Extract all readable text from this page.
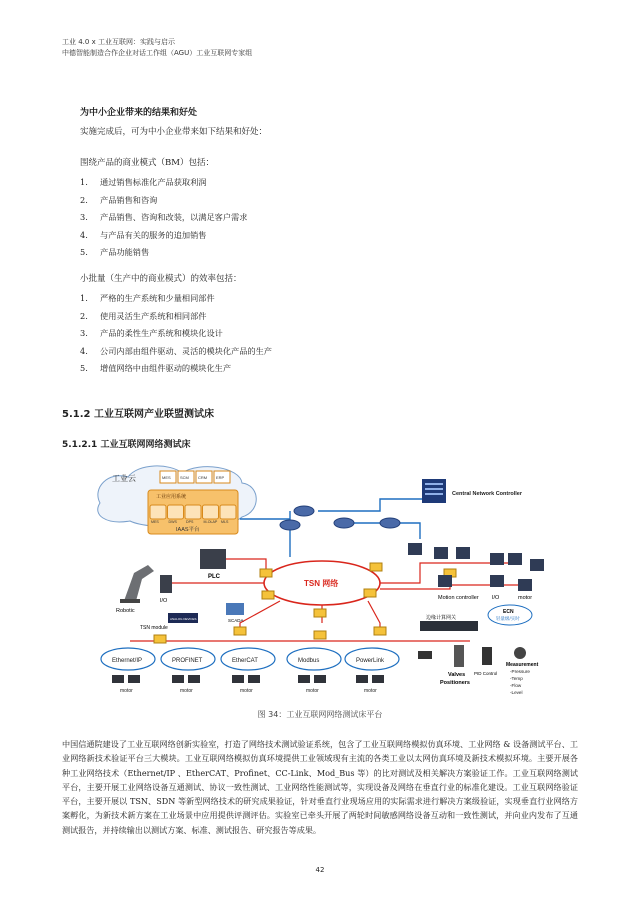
工业 4.0 x 工业互联网：实践与启示
中德智能制造合作企业对话工作组（AGU）工业互联网专家组
为中小企业带来的结果和好处
实施完成后，可为中小企业带来如下结果和好处：
围绕产品的商业模式（BM）包括：
1.	通过销售标准化产品获取利润
2.	产品销售和咨询
3.	产品销售、咨询和改装，以满足客户需求
4.	与产品有关的服务的追加销售
5.	产品功能销售
小批量（生产中的商业模式）的效率包括：
1.	严格的生产系统和少量相同部件
2.	使用灵活生产系统和相同部件
3.	产品的柔性生产系统和模块化设计
4.	公司内部由组件驱动、灵活的模块化产品的生产
5.	增值网络中由组件驱动的模块化生产
5.1.2 工业互联网产业联盟测试床
5.1.2.1 工业互联网网络测试床
工业云
工业应用系统
MES SCM CRM ERP
MES	DWS	DPS	M-OLAP MLS
IAAS平台
Central Network Controller
TSN 网络
PLC
Robotic
I/O	Motion controller I/O	motor
SCADA
ANALOG DEVICES
TSN module
边缘计算网关
ECN
轻量级/实时
Ethernet/IP	PROFINET	EtherCAT	Modbus	PowerLink
Valves
Positioners
PID Control
Measurement
-Pressure
-Temp
-Flow
-Level
motor	motor	motor	motor	motor
图 34：工业互联网网络测试床平台
中国信通院建设了工业互联网络创新实验室，打造了网络技术测试验证系统，包含了工业互联网络模拟仿真环境、工业网络 & 设备测试平台、工业网络新技术验证平台三大模块。工业互联网络模拟仿真环境提供工业领域现有主流的各类工业以太网仿真环境及新技术模拟环境。主要开展各种工业网络技术（Ethernet/IP 、EtherCAT、Profinet、CC-Link、Mod_Bus 等）的比对测试及相关解决方案验证工作。工业互联网络测试平台，主要开展工业网络设备互通测试、协议一致性测试、工业网络性能测试等，实现设备及网络在垂直行业的标准化建设。工业互联网络验证平台，主要开展以 TSN、SDN 等新型网络技术的研究成果验证，针对垂直行业现场应用的实际需求进行解决方案级验证，实现垂直行业网络方案孵化，为新技术新方案在工业场景中应用提供评测评估。实验室已牵头开展了两轮时间敏感网络设备互动和一致性测试，并向业内发布了互通测试报告，并持续输出以测试方案、标准、测试报告、研究报告等成果。
42
